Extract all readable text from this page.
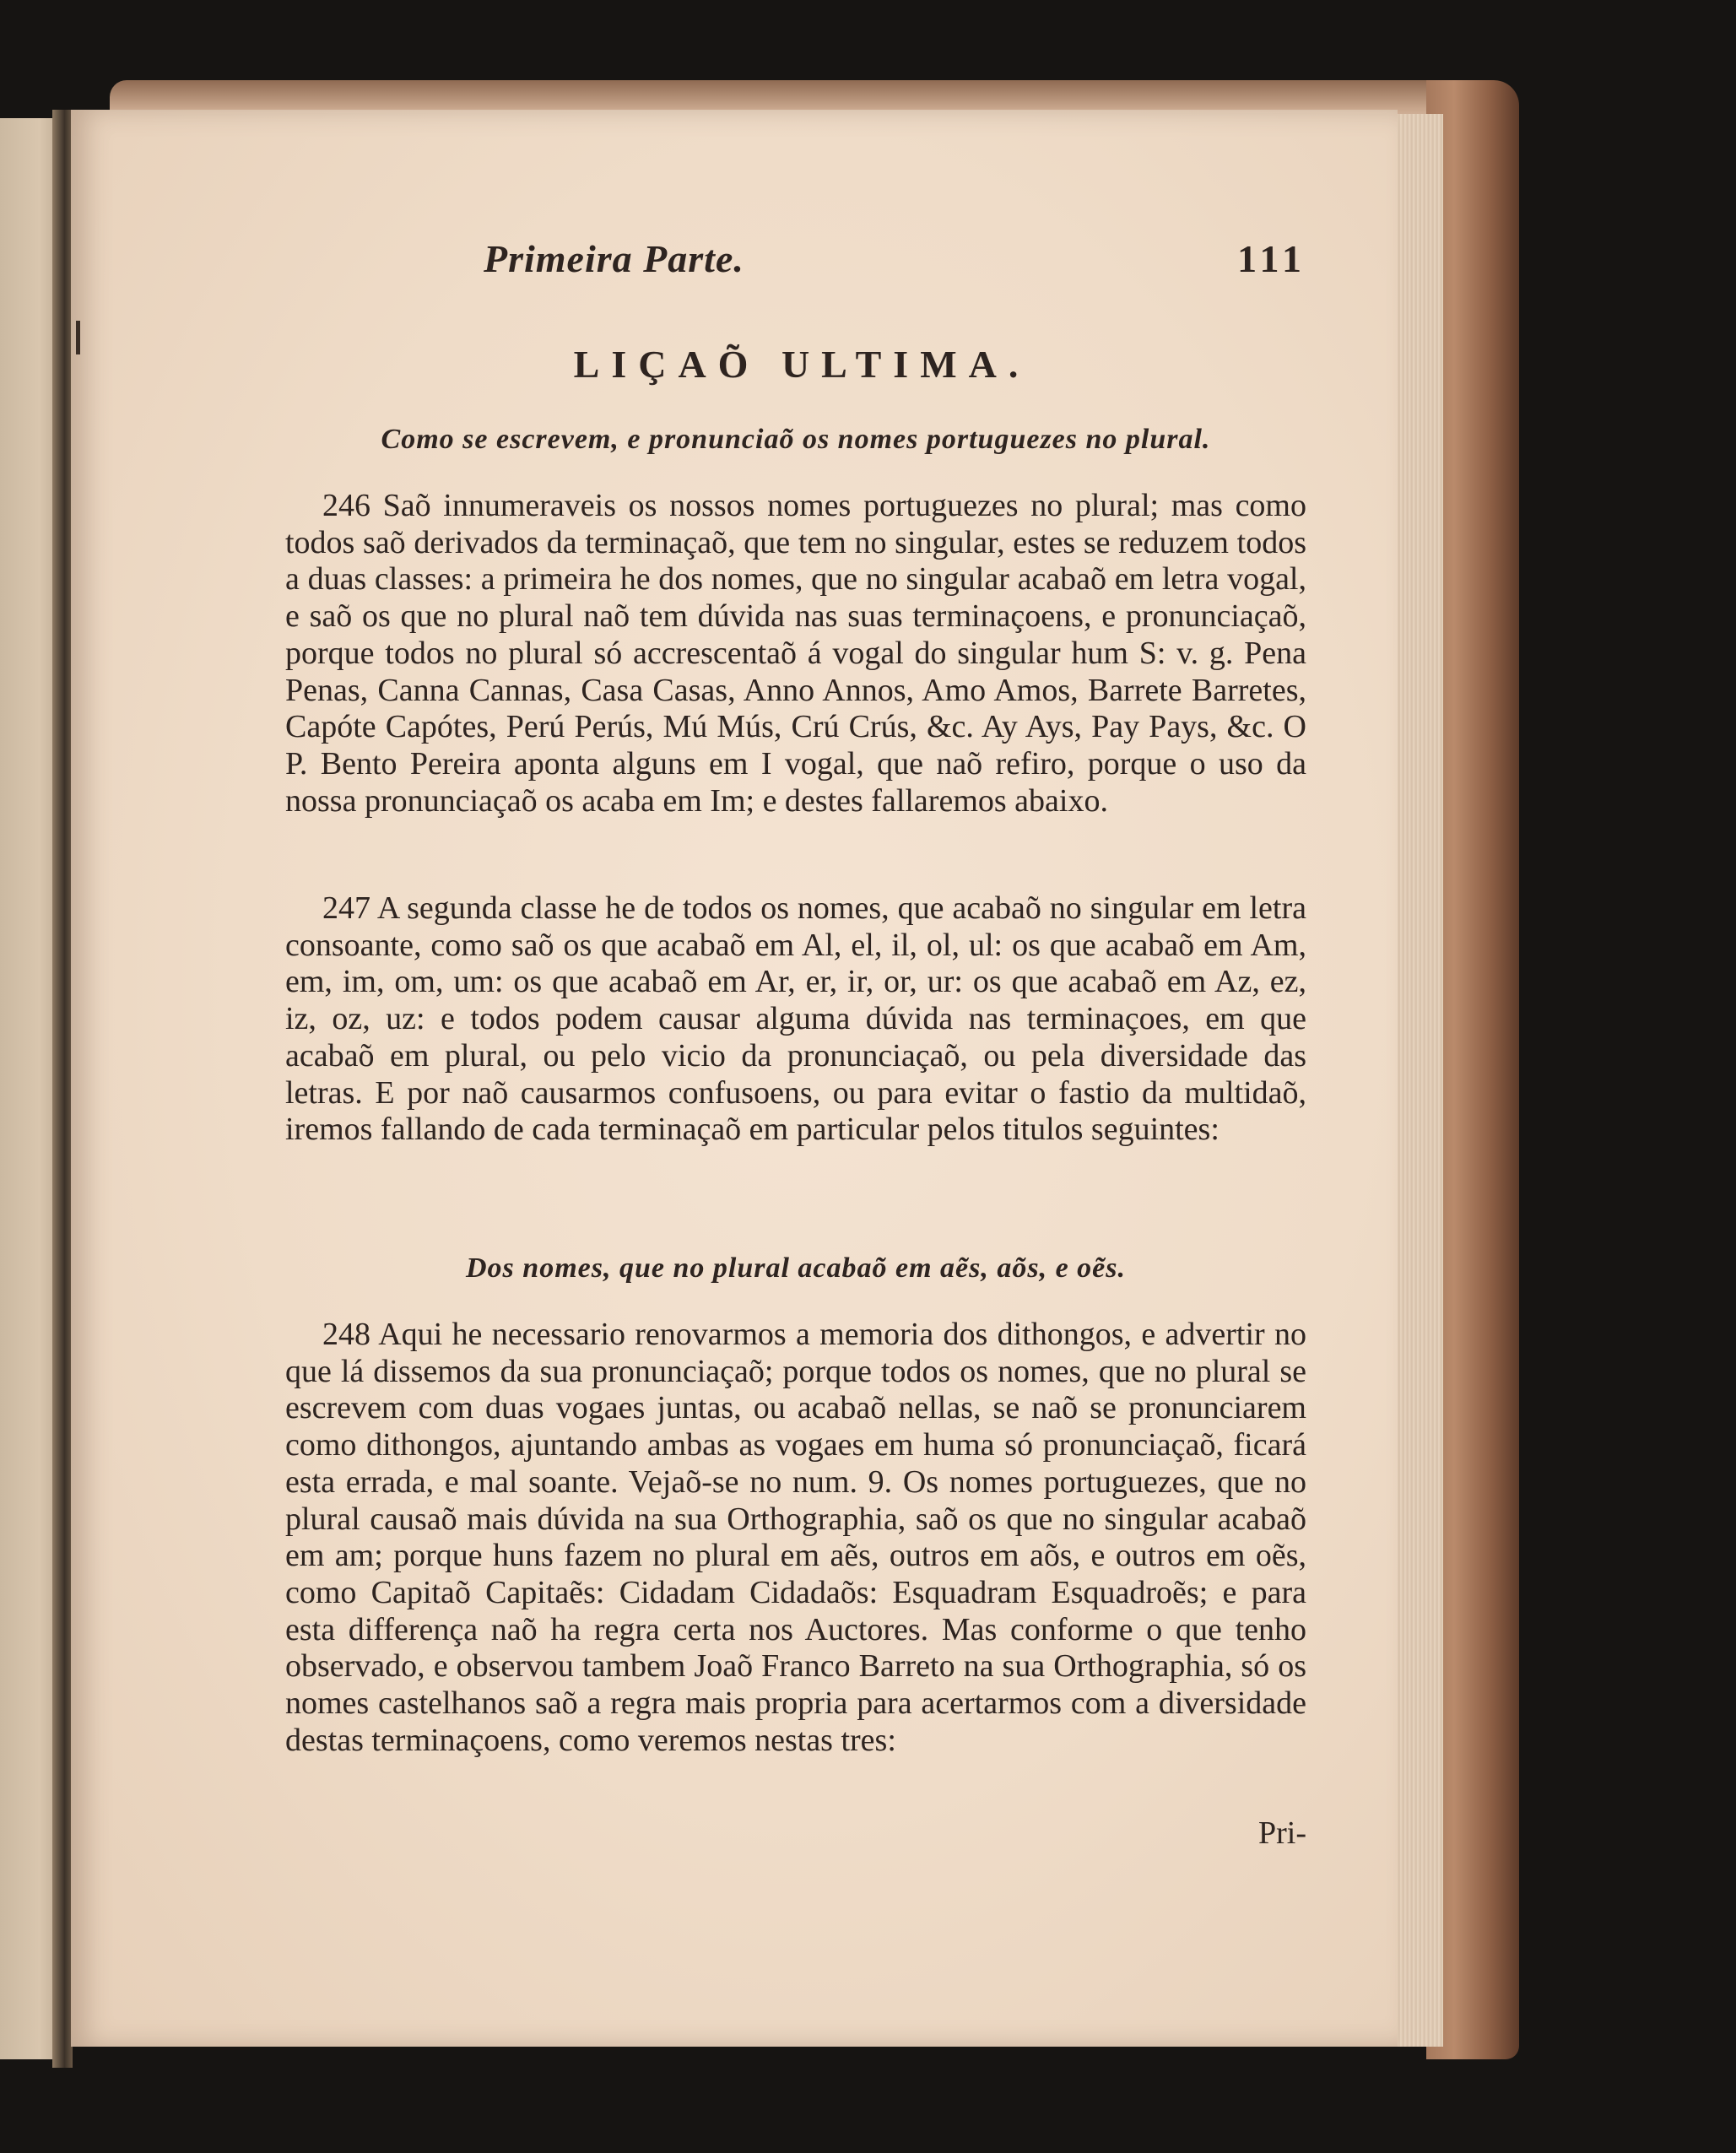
Primeira Parte.	111
LIÇAÕ ULTIMA.
Como se escrevem, e pronunciaõ os nomes portuguezes no plural.

246 Saõ innumeraveis os nossos nomes portuguezes no plural; mas como todos saõ derivados da terminaçaõ, que tem no singular, estes se reduzem todos a duas classes: a primeira he dos nomes, que no singular acabaõ em letra vogal, e saõ os que no plural naõ tem dúvida nas suas terminaçoens, e pronunciaçaõ, porque todos no plural só accrescentaõ á vogal do singular hum S: v. g. Pena Penas, Canna Cannas, Casa Casas, Anno Annos, Amo Amos, Barrete Barretes, Capóte Capótes, Perú Perús, Mú Mús, Crú Crús, &c. Ay Ays, Pay Pays, &c. O P. Bento Pereira aponta alguns em I vogal, que naõ refiro, porque o uso da nossa pronunciaçaõ os acaba em Im; e destes fallaremos abaixo.

247 A segunda classe he de todos os nomes, que acabaõ no singular em letra consoante, como saõ os que acabaõ em Al, el, il, ol, ul: os que acabaõ em Am, em, im, om, um: os que acabaõ em Ar, er, ir, or, ur: os que acabaõ em Az, ez, iz, oz, uz: e todos podem causar alguma dúvida nas terminaçoes, em que acabaõ em plural, ou pelo vicio da pronunciaçaõ, ou pela diversidade das letras. E por naõ causarmos confusoens, ou para evitar o fastio da multidaõ, iremos fallando de cada terminaçaõ em particular pelos titulos seguintes:

Dos nomes, que no plural acabaõ em aẽs, aõs, e oẽs.

248 Aqui he necessario renovarmos a memoria dos dithongos, e advertir no que lá dissemos da sua pronunciaçaõ; porque todos os nomes, que no plural se escrevem com duas vogaes juntas, ou acabaõ nellas, se naõ se pronunciarem como dithongos, ajuntando ambas as vogaes em huma só pronunciaçaõ, ficará esta errada, e mal soante. Vejaõ-se no num. 9. Os nomes portuguezes, que no plural causaõ mais dúvida na sua Orthographia, saõ os que no singular acabaõ em am; porque huns fazem no plural em aẽs, outros em aõs, e outros em oẽs, como Capitaõ Capitaẽs: Cidadam Cidadaõs: Esquadram Esquadroẽs; e para esta differença naõ ha regra certa nos Auctores. Mas conforme o que tenho observado, e observou tambem Joaõ Franco Barreto na sua Orthographia, só os nomes castelhanos saõ a regra mais propria para acertarmos com a diversidade destas terminaçoens, como veremos nestas tres:

Pri-
